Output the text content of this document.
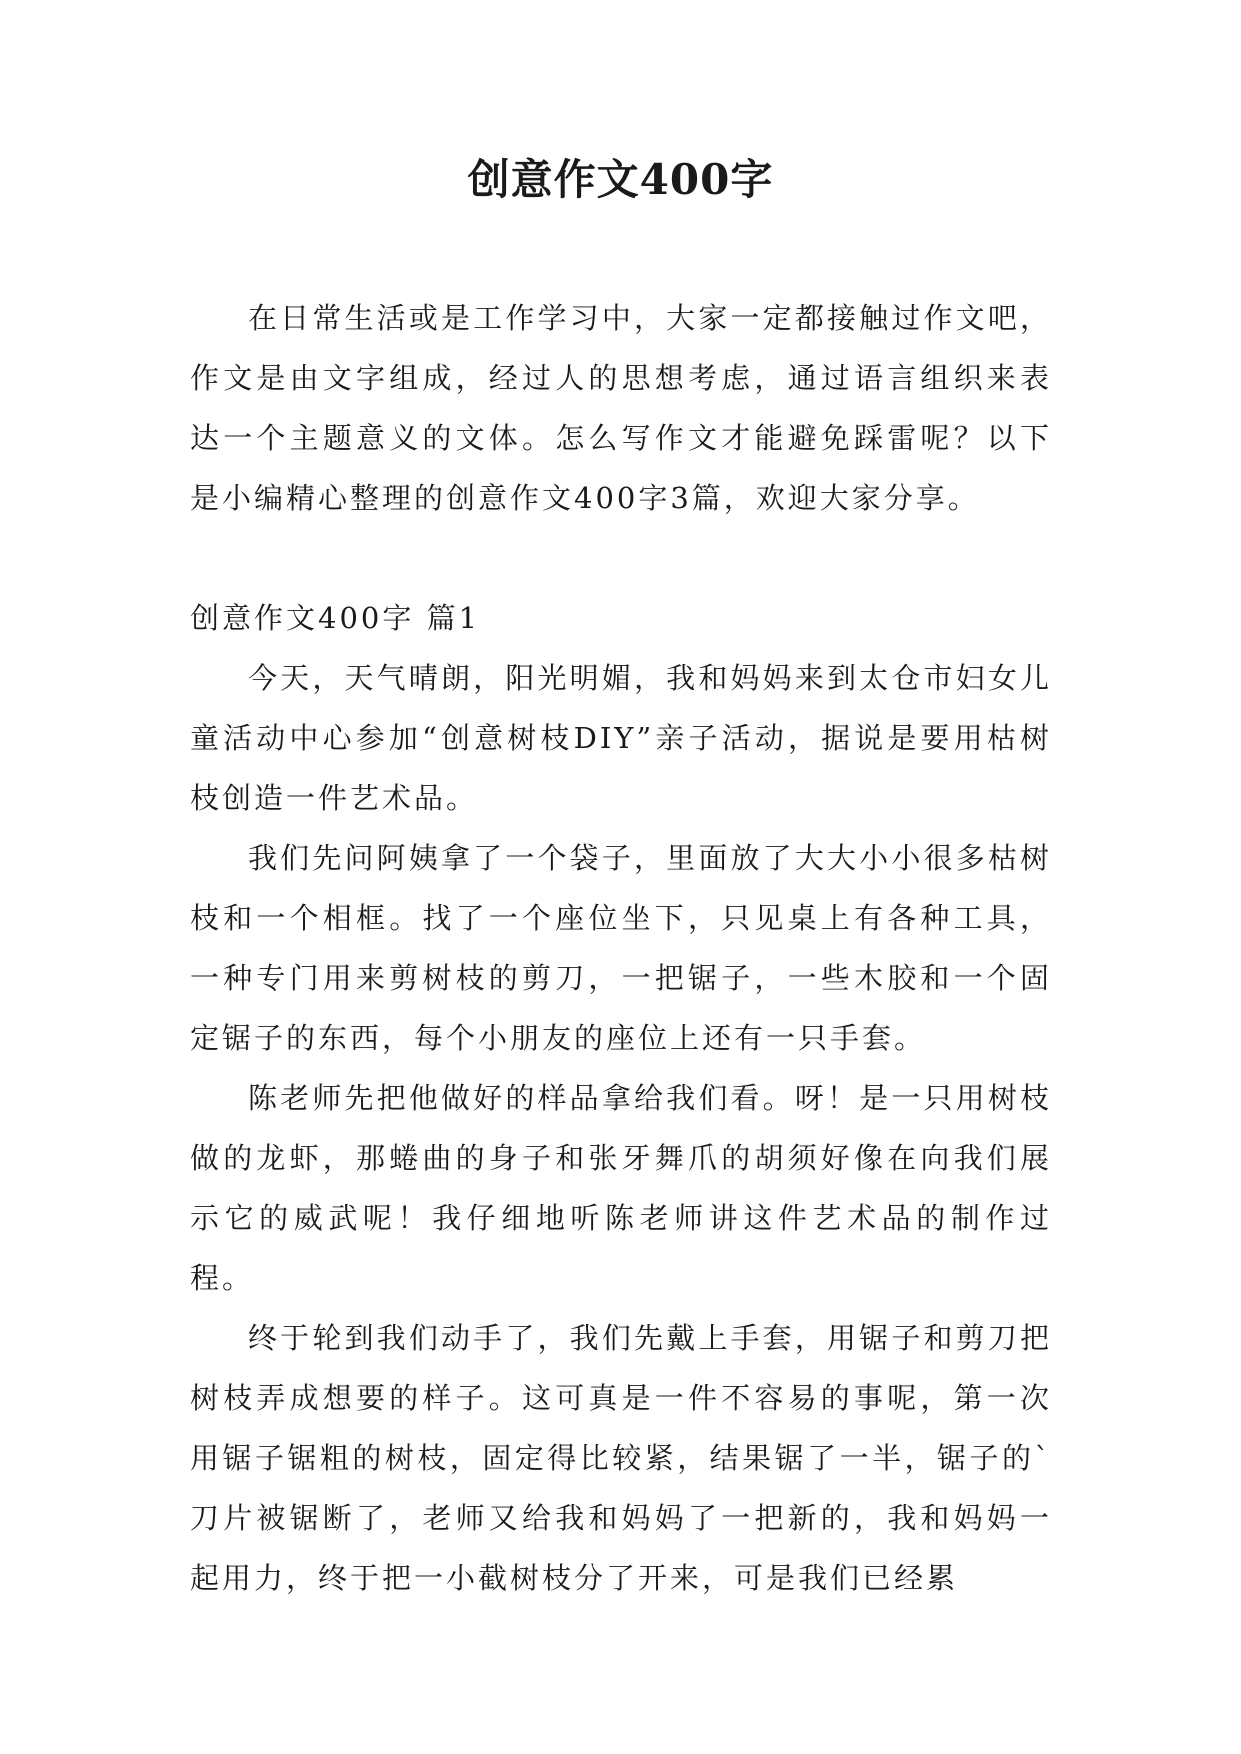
创意作文400字

在日常生活或是工作学习中，大家一定都接触过作文吧，作文是由文字组成，经过人的思想考虑，通过语言组织来表达一个主题意义的文体。怎么写作文才能避免踩雷呢？以下是小编精心整理的创意作文400字3篇，欢迎大家分享。

创意作文400字 篇1

今天，天气晴朗，阳光明媚，我和妈妈来到太仓市妇女儿童活动中心参加“创意树枝DIY”亲子活动，据说是要用枯树枝创造一件艺术品。

我们先问阿姨拿了一个袋子，里面放了大大小小很多枯树枝和一个相框。找了一个座位坐下，只见桌上有各种工具，一种专门用来剪树枝的剪刀，一把锯子，一些木胶和一个固定锯子的东西，每个小朋友的座位上还有一只手套。

陈老师先把他做好的样品拿给我们看。呀！是一只用树枝做的龙虾，那蜷曲的身子和张牙舞爪的胡须好像在向我们展示它的威武呢！我仔细地听陈老师讲这件艺术品的制作过程。

终于轮到我们动手了，我们先戴上手套，用锯子和剪刀把树枝弄成想要的样子。这可真是一件不容易的事呢，第一次用锯子锯粗的树枝，固定得比较紧，结果锯了一半，锯子的`刀片被锯断了，老师又给我和妈妈了一把新的，我和妈妈一起用力，终于把一小截树枝分了开来，可是我们已经累
